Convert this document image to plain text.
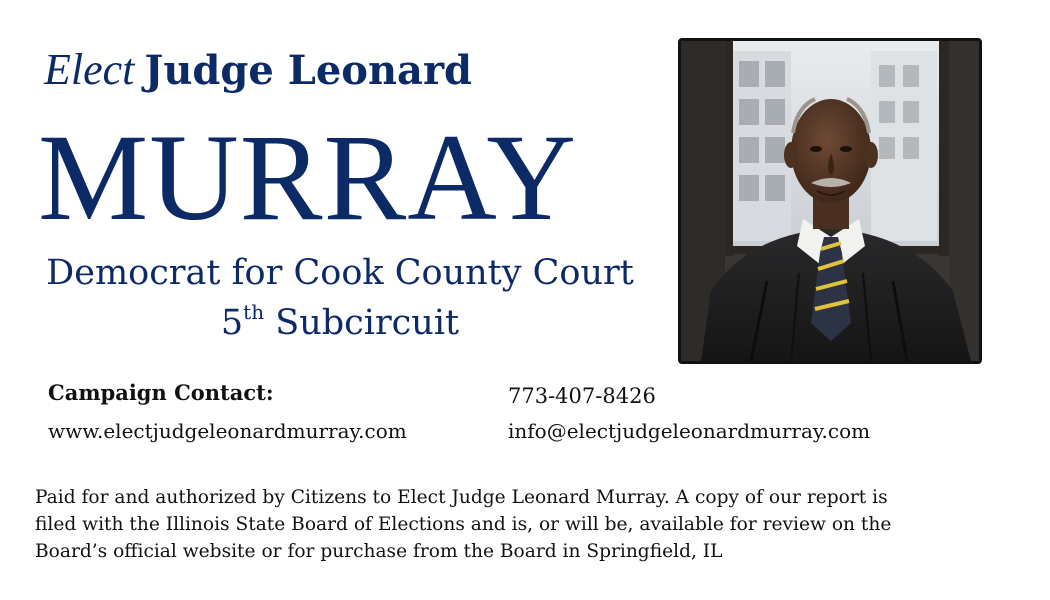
Elect Judge Leonard
MURRAY
Democrat for Cook County Court
5th Subcircuit
Campaign Contact:	773-407-8426
www.electjudgeleonardmurray.com	info@electjudgeleonardmurray.com
Paid for and authorized by Citizens to Elect Judge Leonard Murray. A copy of our report is
filed with the Illinois State Board of Elections and is, or will be, available for review on the
Board’s official website or for purchase from the Board in Springfield, IL
